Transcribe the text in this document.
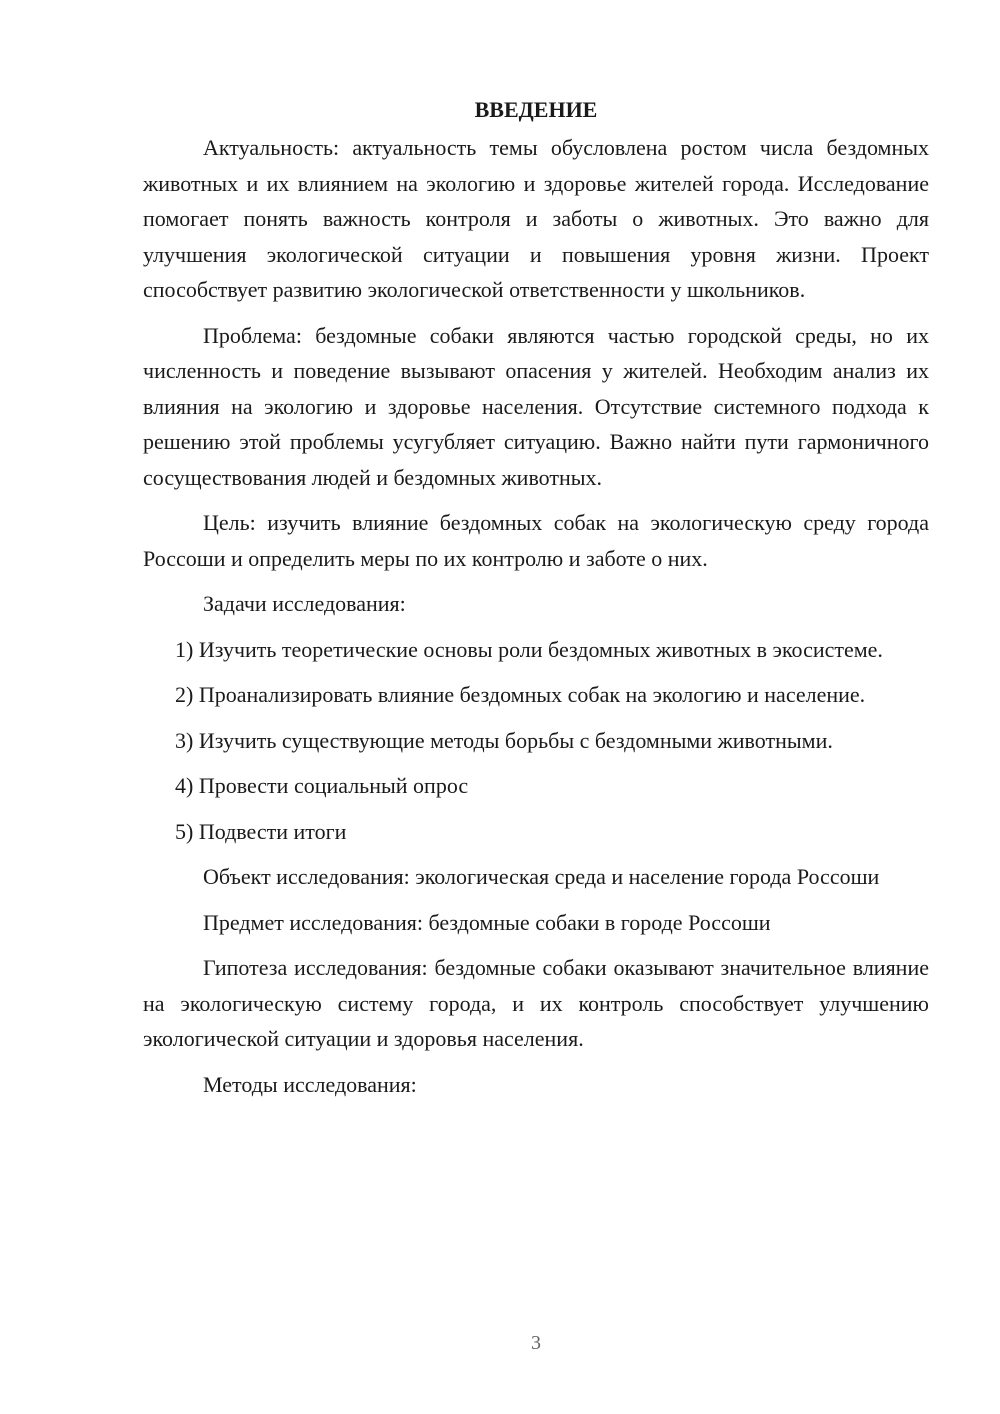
ВВЕДЕНИЕ

Актуальность: актуальность темы обусловлена ростом числа бездомных животных и их влиянием на экологию и здоровье жителей города. Исследование помогает понять важность контроля и заботы о животных. Это важно для улучшения экологической ситуации и повышения уровня жизни. Проект способствует развитию экологической ответственности у школьников.

Проблема: бездомные собаки являются частью городской среды, но их численность и поведение вызывают опасения у жителей. Необходим анализ их влияния на экологию и здоровье населения. Отсутствие системного подхода к решению этой проблемы усугубляет ситуацию. Важно найти пути гармоничного сосуществования людей и бездомных животных.

Цель: изучить влияние бездомных собак на экологическую среду города Россоши и определить меры по их контролю и заботе о них.

Задачи исследования:

1) Изучить теоретические основы роли бездомных животных в экосистеме.

2) Проанализировать влияние бездомных собак на экологию и население.

3) Изучить существующие методы борьбы с бездомными животными.

4) Провести социальный опрос

5) Подвести итоги

Объект исследования: экологическая среда и население города Россоши

Предмет исследования: бездомные собаки в городе Россоши

Гипотеза исследования: бездомные собаки оказывают значительное влияние на экологическую систему города, и их контроль способствует улучшению экологической ситуации и здоровья населения.

Методы исследования:

3
